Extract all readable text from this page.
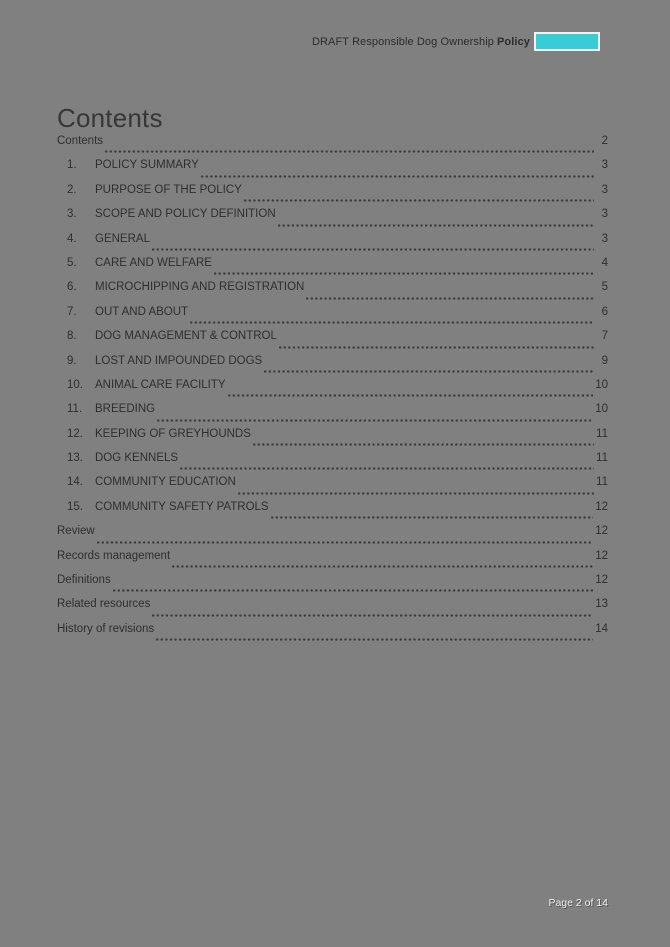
DRAFT Responsible Dog Ownership Policy
Contents
Contents	2
1.	POLICY SUMMARY	3
2.	PURPOSE OF THE POLICY	3
3.	SCOPE AND POLICY DEFINITION	3
4.	GENERAL	3
5.	CARE AND WELFARE	4
6.	MICROCHIPPING AND REGISTRATION	5
7.	OUT AND ABOUT	6
8.	DOG MANAGEMENT & CONTROL	7
9.	LOST AND IMPOUNDED DOGS	9
10.	ANIMAL CARE FACILITY	10
11.	BREEDING	10
12.	KEEPING OF GREYHOUNDS	11
13.	DOG KENNELS	11
14.	COMMUNITY EDUCATION	11
15.	COMMUNITY SAFETY PATROLS	12
Review	12
Records management	12
Definitions	12
Related resources	13
History of revisions	14
Page 2 of 14
